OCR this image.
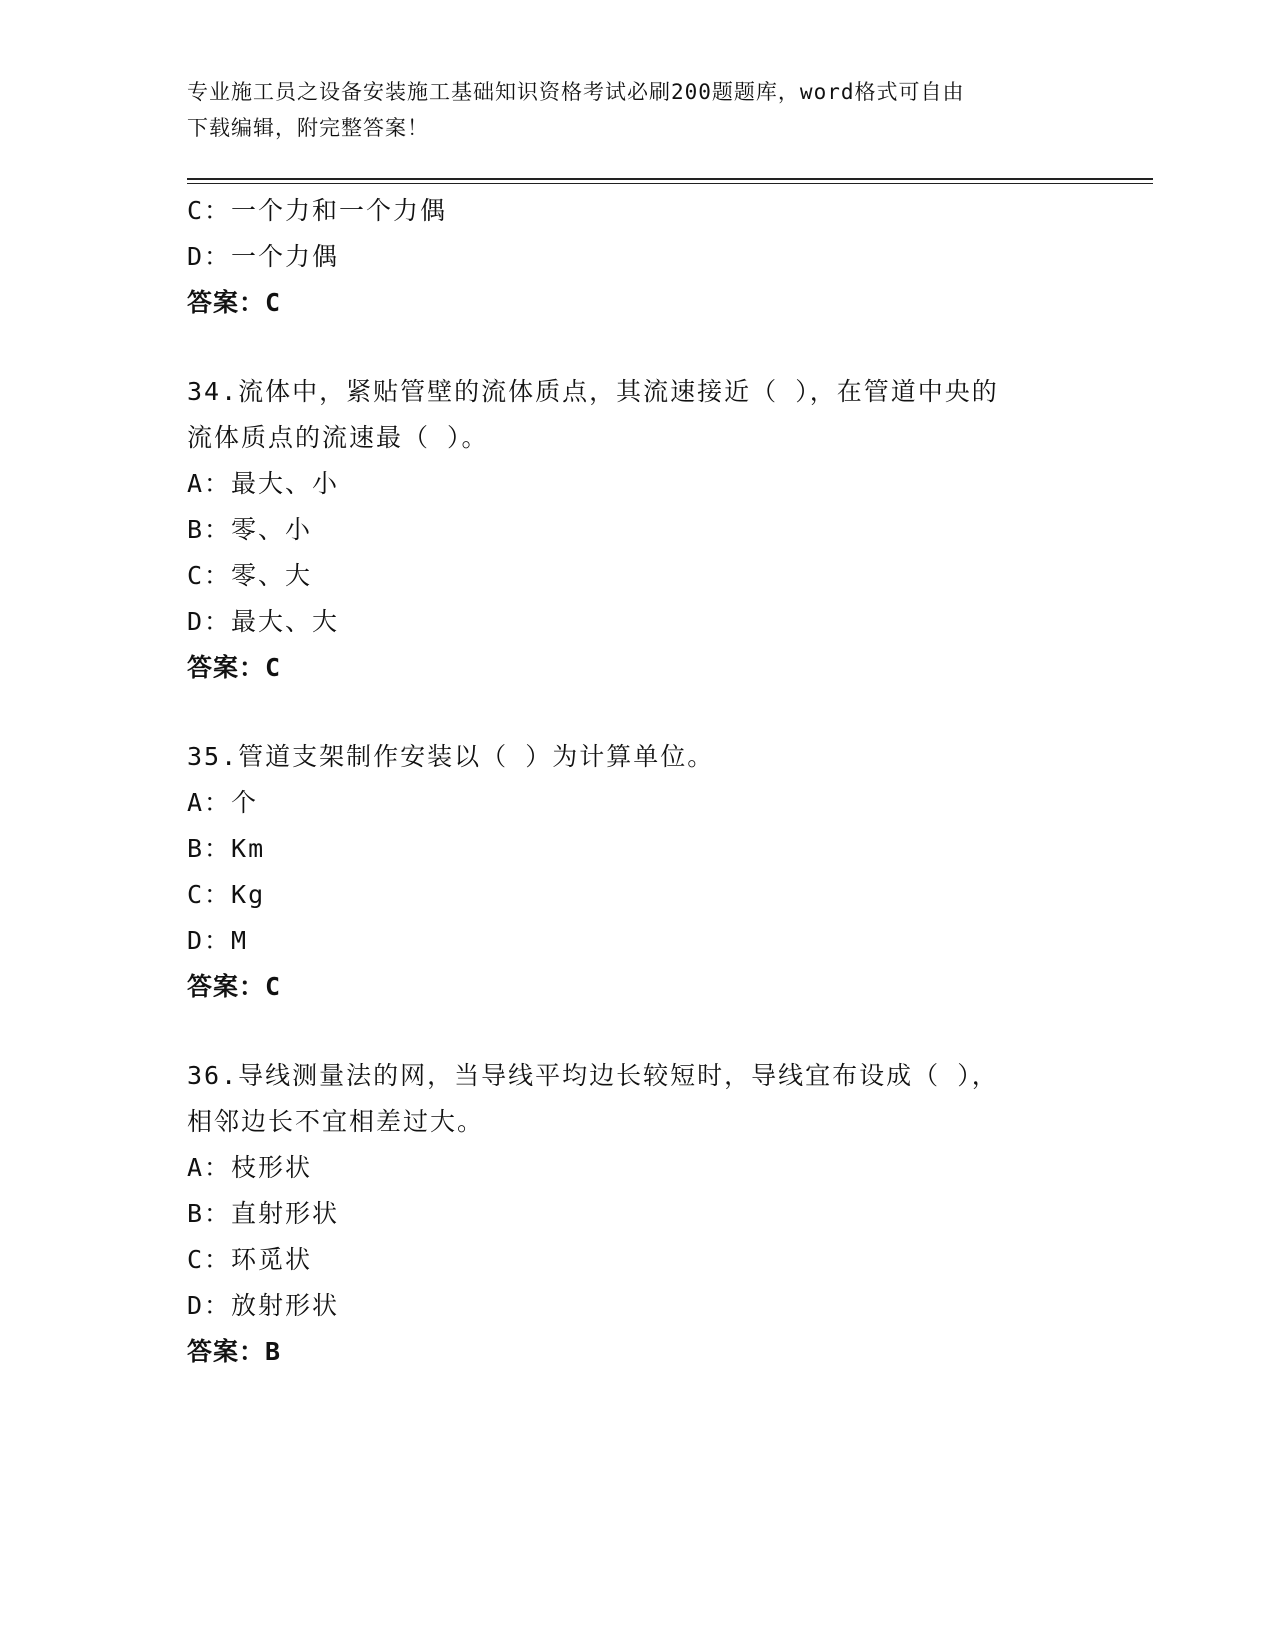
专业施工员之设备安装施工基础知识资格考试必刷200题题库，word格式可自由
下载编辑，附完整答案！
C：一个力和一个力偶
D：一个力偶
答案：C
34.流体中，紧贴管壁的流体质点，其流速接近（ ），在管道中央的
流体质点的流速最（ ）。
A：最大、小
B：零、小
C：零、大
D：最大、大
答案：C
35.管道支架制作安装以（ ）为计算单位。
A：个
B：Km
C：Kg
D：M
答案：C
36.导线测量法的网，当导线平均边长较短时，导线宜布设成（ ），
相邻边长不宜相差过大。
A：枝形状
B：直射形状
C：环觅状
D：放射形状
答案：B
